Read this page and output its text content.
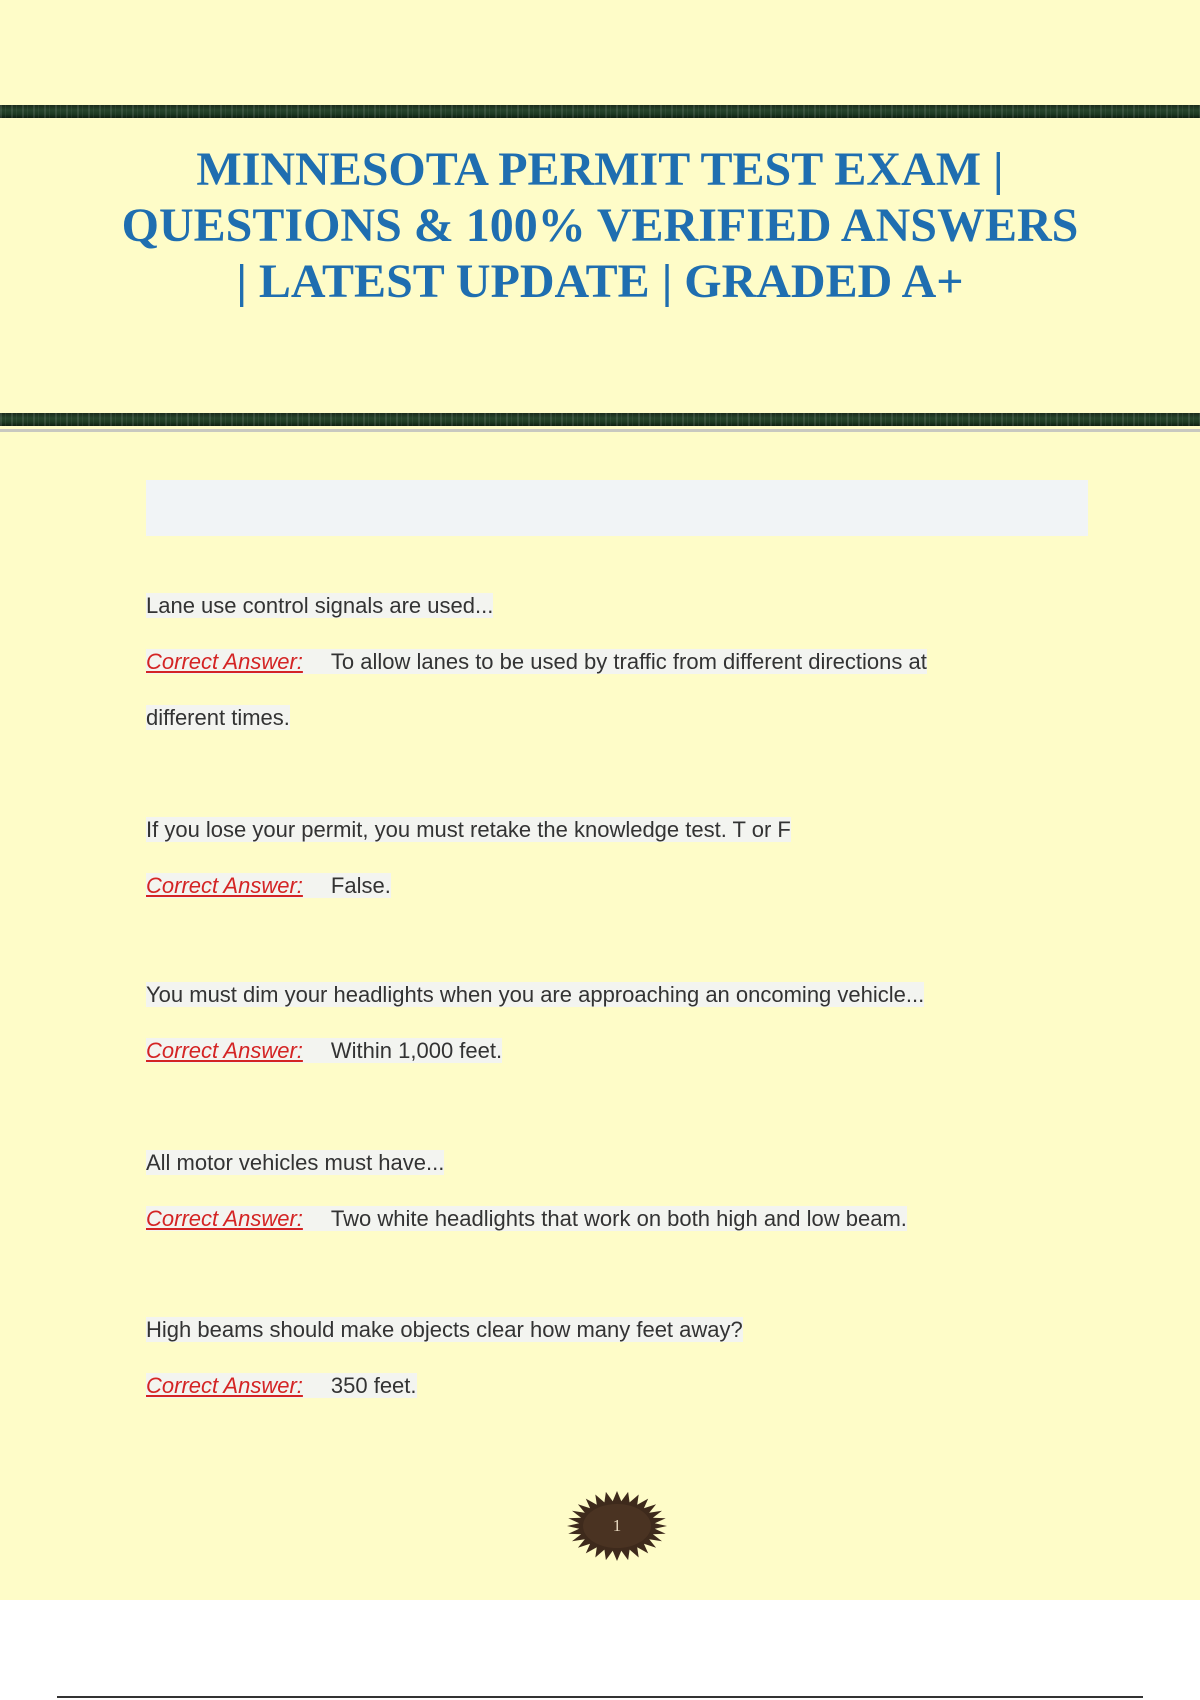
MINNESOTA PERMIT TEST EXAM | QUESTIONS & 100% VERIFIED ANSWERS | LATEST UPDATE | GRADED A+
Lane use control signals are used...
Correct Answer: To allow lanes to be used by traffic from different directions at
different times.
If you lose your permit, you must retake the knowledge test. T or F
Correct Answer: False.
You must dim your headlights when you are approaching an oncoming vehicle...
Correct Answer: Within 1,000 feet.
All motor vehicles must have...
Correct Answer: Two white headlights that work on both high and low beam.
High beams should make objects clear how many feet away?
Correct Answer: 350 feet.
1
